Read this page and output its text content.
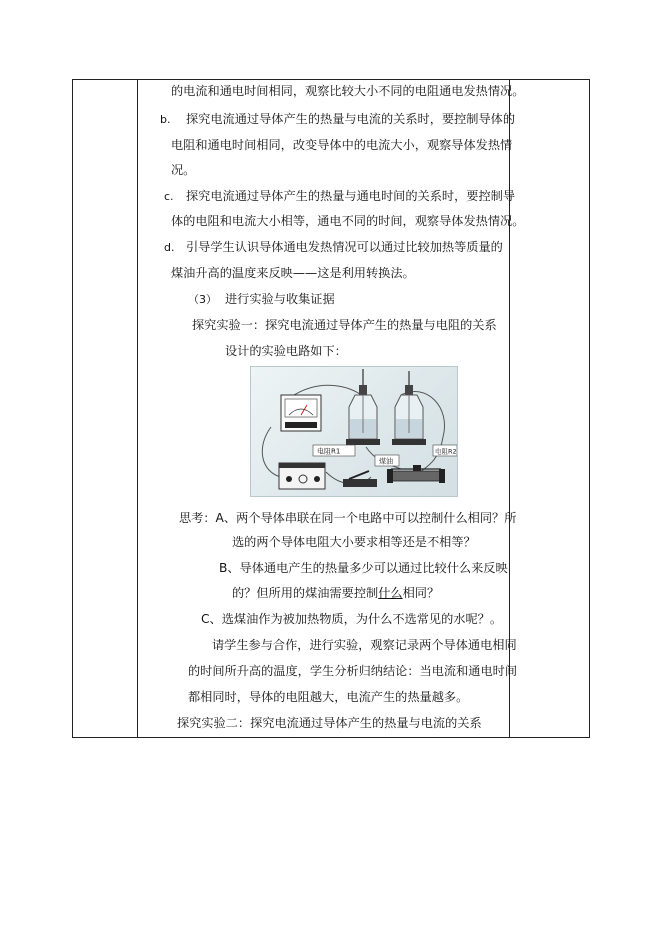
的电流和通电时间相同，观察比较大小不同的电阻通电发热情况。
b. 探究电流通过导体产生的热量与电流的关系时，要控制导体的
电阻和通电时间相同，改变导体中的电流大小，观察导体发热情
况。
c. 探究电流通过导体产生的热量与通电时间的关系时，要控制导
体的电阻和电流大小相等，通电不同的时间，观察导体发热情况。
d. 引导学生认识导体通电发热情况可以通过比较加热等质量的
煤油升高的温度来反映——这是利用转换法。
（3） 进行实验与收集证据
探究实验一：探究电流通过导体产生的热量与电阻的关系
设计的实验电路如下：
电阻R1
煤油
电阻R2
思考：A、两个导体串联在同一个电路中可以控制什么相同？所
选的两个导体电阻大小要求相等还是不相等？
B、导体通电产生的热量多少可以通过比较什么来反映
的？但所用的煤油需要控制什么相同？
C、选煤油作为被加热物质，为什么不选常见的水呢？。
请学生参与合作，进行实验，观察记录两个导体通电相同
的时间所升高的温度，学生分析归纳结论：当电流和通电时间
都相同时，导体的电阻越大，电流产生的热量越多。
探究实验二：探究电流通过导体产生的热量与电流的关系
